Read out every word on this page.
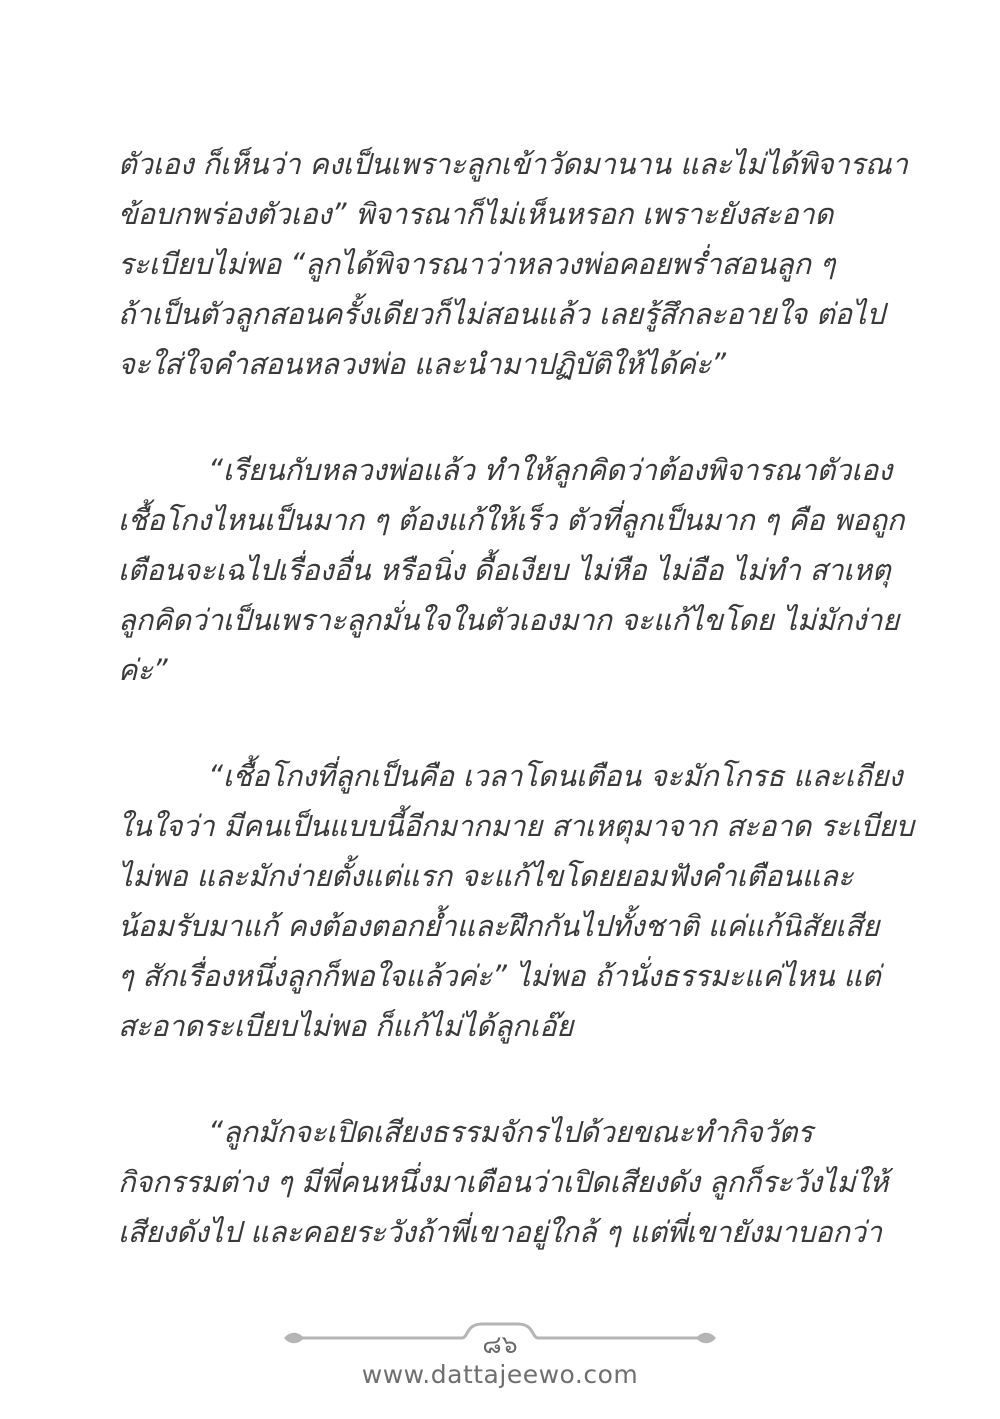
ตัวเอง ก็เห็นว่า คงเป็นเพราะลูกเข้าวัดมานาน และไม่ได้พิจารณา
ข้อบกพร่องตัวเอง” พิจารณาก็ไม่เห็นหรอก เพราะยังสะอาด
ระเบียบไม่พอ “ลูกได้พิจารณาว่าหลวงพ่อคอยพร่ำสอนลูก ๆ
ถ้าเป็นตัวลูกสอนครั้งเดียวก็ไม่สอนแล้ว เลยรู้สึกละอายใจ ต่อไป
จะใส่ใจคำสอนหลวงพ่อ และนำมาปฏิบัติให้ได้ค่ะ”
“เรียนกับหลวงพ่อแล้ว ทำให้ลูกคิดว่าต้องพิจารณาตัวเอง
เชื้อโกงไหนเป็นมาก ๆ ต้องแก้ให้เร็ว ตัวที่ลูกเป็นมาก ๆ คือ พอถูก
เตือนจะเฉไปเรื่องอื่น หรือนิ่ง ดื้อเงียบ ไม่หือ ไม่อือ ไม่ทำ สาเหตุ
ลูกคิดว่าเป็นเพราะลูกมั่นใจในตัวเองมาก จะแก้ไขโดย ไม่มักง่าย
ค่ะ”
“เชื้อโกงที่ลูกเป็นคือ เวลาโดนเตือน จะมักโกรธ และเถียง
ในใจว่า มีคนเป็นแบบนี้อีกมากมาย สาเหตุมาจาก สะอาด ระเบียบ
ไม่พอ และมักง่ายตั้งแต่แรก จะแก้ไขโดยยอมฟังคำเตือนและ
น้อมรับมาแก้ คงต้องตอกย้ำและฝึกกันไปทั้งชาติ แค่แก้นิสัยเสีย
ๆ สักเรื่องหนึ่งลูกก็พอใจแล้วค่ะ” ไม่พอ ถ้านั่งธรรมะแค่ไหน แต่
สะอาดระเบียบไม่พอ ก็แก้ไม่ได้ลูกเอ๊ย
“ลูกมักจะเปิดเสียงธรรมจักรไปด้วยขณะทำกิจวัตร
กิจกรรมต่าง ๆ มีพี่คนหนึ่งมาเตือนว่าเปิดเสียงดัง ลูกก็ระวังไม่ให้
เสียงดังไป และคอยระวังถ้าพี่เขาอยู่ใกล้ ๆ แต่พี่เขายังมาบอกว่า
๘๖
www.dattajeewo.com
